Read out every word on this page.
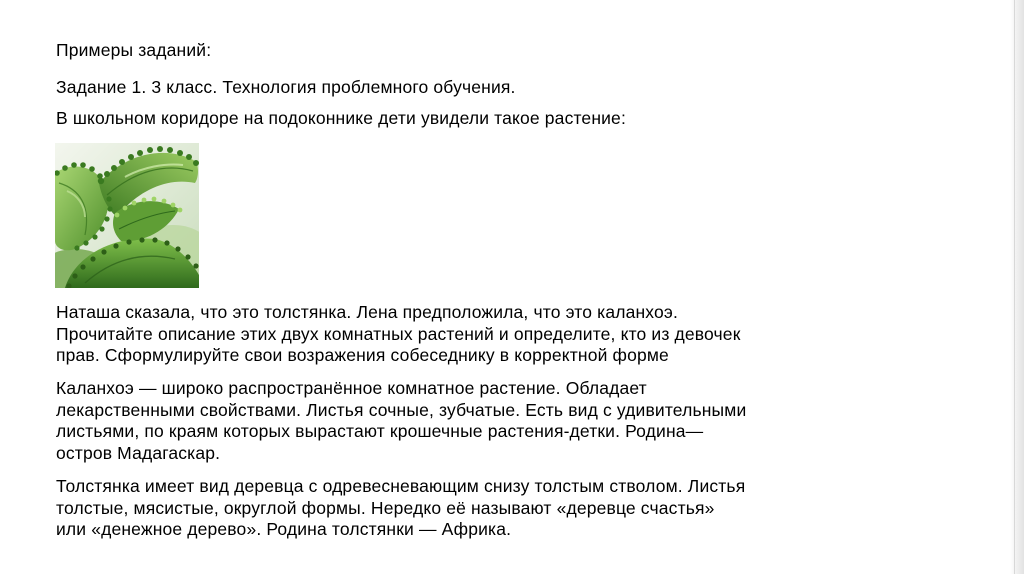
Примеры заданий:

Задание 1. 3 класс. Технология проблемного обучения.

В школьном коридоре на подоконнике дети увидели такое растение:

Наташа сказала, что это толстянка. Лена предположила, что это каланхоэ.
Прочитайте описание этих двух комнатных растений и определите, кто из девочек
прав. Сформулируйте свои возражения собеседнику в корректной форме
Каланхоэ — широко распространённое комнатное растение. Обладает
лекарственными свойствами. Листья сочные, зубчатые. Есть вид с удивительными
листьями, по краям которых вырастают крошечные растения-детки. Родина—
остров Мадагаскар.
Толстянка имеет вид деревца с одревесневающим снизу толстым стволом. Листья
толстые, мясистые, округлой формы. Нередко её называют «деревце счастья»
или «денежное дерево». Родина толстянки — Африка.
